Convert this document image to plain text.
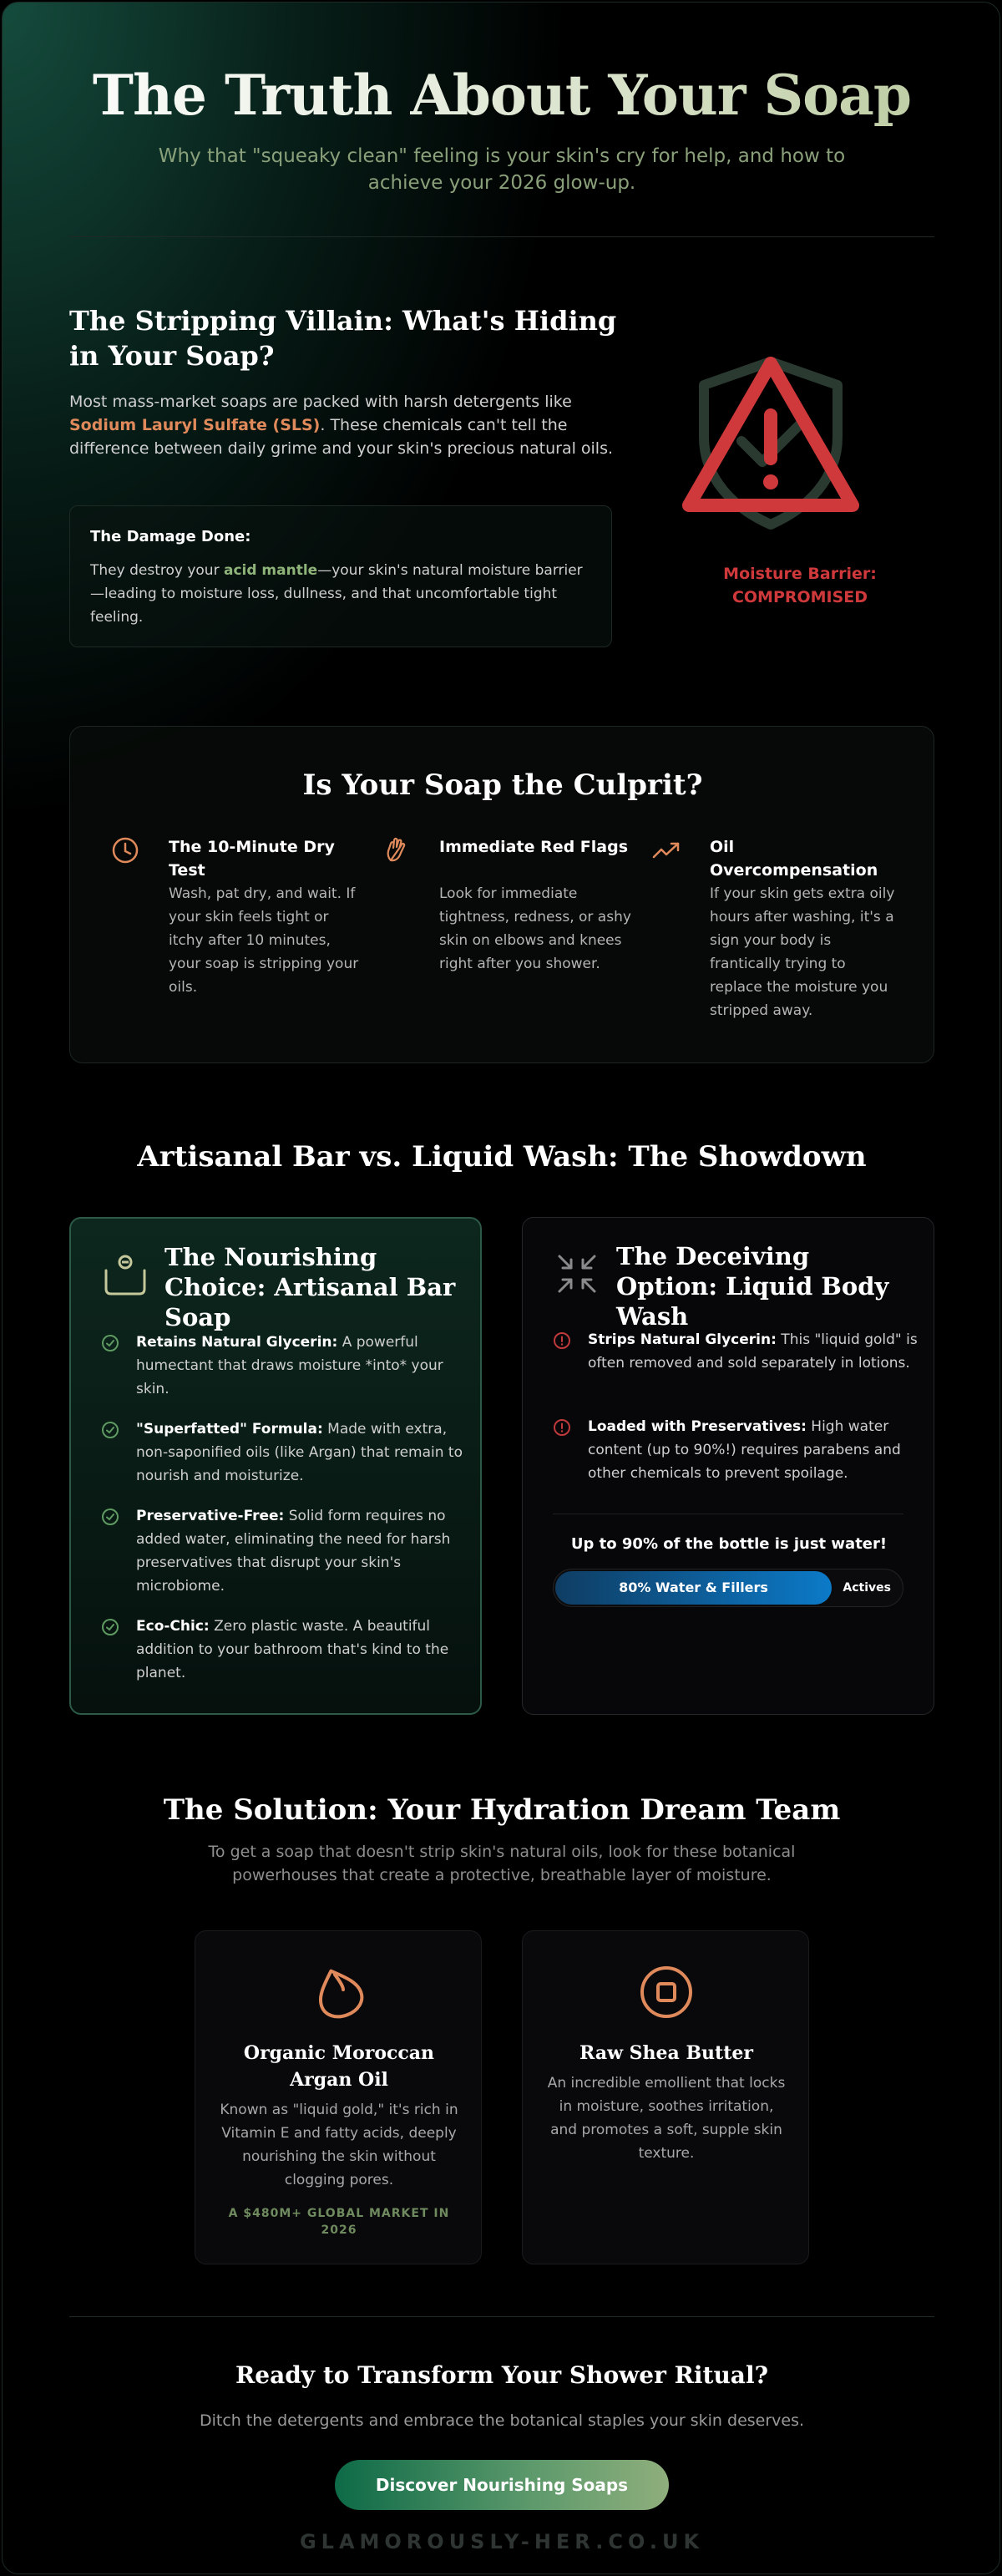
The Truth About Your Soap
Why that "squeaky clean" feeling is your skin's cry for help, and how to achieve your 2026 glow-up.
The Stripping Villain: What's Hiding in Your Soap?
Most mass-market soaps are packed with harsh detergents like Sodium Lauryl Sulfate (SLS). These chemicals can't tell the difference between daily grime and your skin's precious natural oils.
The Damage Done:
They destroy your acid mantle—your skin's natural moisture barrier—leading to moisture loss, dullness, and that uncomfortable tight feeling.
Moisture Barrier:
COMPROMISED
Is Your Soap the Culprit?
The 10-Minute Dry Test
Wash, pat dry, and wait. If your skin feels tight or itchy after 10 minutes, your soap is stripping your oils.
Immediate Red Flags
Look for immediate tightness, redness, or ashy skin on elbows and knees right after you shower.
Oil Overcompensation
If your skin gets extra oily hours after washing, it's a sign your body is frantically trying to replace the moisture you stripped away.
Artisanal Bar vs. Liquid Wash: The Showdown
The Nourishing Choice: Artisanal Bar Soap
Retains Natural Glycerin: A powerful humectant that draws moisture *into* your skin.
"Superfatted" Formula: Made with extra, non-saponified oils (like Argan) that remain to nourish and moisturize.
Preservative-Free: Solid form requires no added water, eliminating the need for harsh preservatives that disrupt your skin's microbiome.
Eco-Chic: Zero plastic waste. A beautiful addition to your bathroom that's kind to the planet.
The Deceiving Option: Liquid Body Wash
Strips Natural Glycerin: This "liquid gold" is often removed and sold separately in lotions.
Loaded with Preservatives: High water content (up to 90%!) requires parabens and other chemicals to prevent spoilage.
Up to 90% of the bottle is just water!
80% Water & Fillers	Actives
The Solution: Your Hydration Dream Team
To get a soap that doesn't strip skin's natural oils, look for these botanical powerhouses that create a protective, breathable layer of moisture.
Organic Moroccan Argan Oil
Known as "liquid gold," it's rich in Vitamin E and fatty acids, deeply nourishing the skin without clogging pores.
A $480M+ GLOBAL MARKET IN 2026
Raw Shea Butter
An incredible emollient that locks in moisture, soothes irritation, and promotes a soft, supple skin texture.
Ready to Transform Your Shower Ritual?
Ditch the detergents and embrace the botanical staples your skin deserves.
Discover Nourishing Soaps
GLAMOROUSLY-HER.CO.UK
